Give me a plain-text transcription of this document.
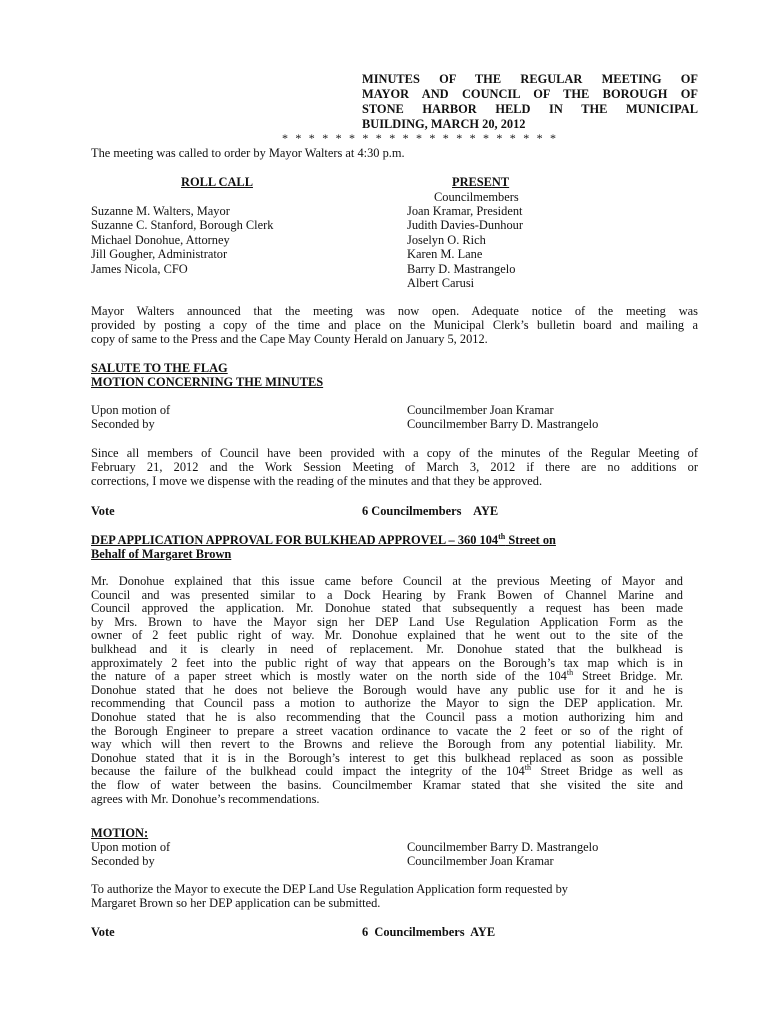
MINUTES OF THE REGULAR MEETING OF
MAYOR AND COUNCIL OF THE BOROUGH OF
STONE HARBOR HELD IN THE MUNICIPAL
BUILDING, MARCH 20, 2012
* * * * * * * * * * * * * * * * * * * * *
The meeting was called to order by Mayor Walters at 4:30 p.m.
ROLL CALL
Suzanne M. Walters, Mayor
Suzanne C. Stanford, Borough Clerk
Michael Donohue, Attorney
Jill Gougher, Administrator
James Nicola, CFO
PRESENT
Councilmembers
Joan Kramar, President
Judith Davies-Dunhour
Joselyn O. Rich
Karen M. Lane
Barry D. Mastrangelo
Albert Carusi
Mayor Walters announced that the meeting was now open. Adequate notice of the meeting was
provided by posting a copy of the time and place on the Municipal Clerk’s bulletin board and mailing a
copy of same to the Press and the Cape May County Herald on January 5, 2012.
SALUTE TO THE FLAG
MOTION CONCERNING THE MINUTES
Upon motion of	Councilmember Joan Kramar
Seconded by	Councilmember Barry D. Mastrangelo
Since all members of Council have been provided with a copy of the minutes of the Regular Meeting of
February 21, 2012 and the Work Session Meeting of March 3, 2012 if there are no additions or
corrections, I move we dispense with the reading of the minutes and that they be approved.
Vote	6 Councilmembers    AYE
DEP APPLICATION APPROVAL FOR BULKHEAD APPROVEL – 360 104th Street on
Behalf of Margaret Brown
Mr. Donohue explained that this issue came before Council at the previous Meeting of Mayor and
Council and was presented similar to a Dock Hearing by Frank Bowen of Channel Marine and
Council approved the application. Mr. Donohue stated that subsequently a request has been made
by Mrs. Brown to have the Mayor sign her DEP Land Use Regulation Application Form as the
owner of 2 feet public right of way. Mr. Donohue explained that he went out to the site of the
bulkhead and it is clearly in need of replacement. Mr. Donohue stated that the bulkhead is
approximately 2 feet into the public right of way that appears on the Borough’s tax map which is in
the nature of a paper street which is mostly water on the north side of the 104th Street Bridge. Mr.
Donohue stated that he does not believe the Borough would have any public use for it and he is
recommending that Council pass a motion to authorize the Mayor to sign the DEP application. Mr.
Donohue stated that he is also recommending that the Council pass a motion authorizing him and
the Borough Engineer to prepare a street vacation ordinance to vacate the 2 feet or so of the right of
way which will then revert to the Browns and relieve the Borough from any potential liability. Mr.
Donohue stated that it is in the Borough’s interest to get this bulkhead replaced as soon as possible
because the failure of the bulkhead could impact the integrity of the 104th Street Bridge as well as
the flow of water between the basins. Councilmember Kramar stated that she visited the site and
agrees with Mr. Donohue’s recommendations.
MOTION:
Upon motion of	Councilmember Barry D. Mastrangelo
Seconded by	Councilmember Joan Kramar
To authorize the Mayor to execute the DEP Land Use Regulation Application form requested by
Margaret Brown so her DEP application can be submitted.
Vote	6  Councilmembers  AYE
